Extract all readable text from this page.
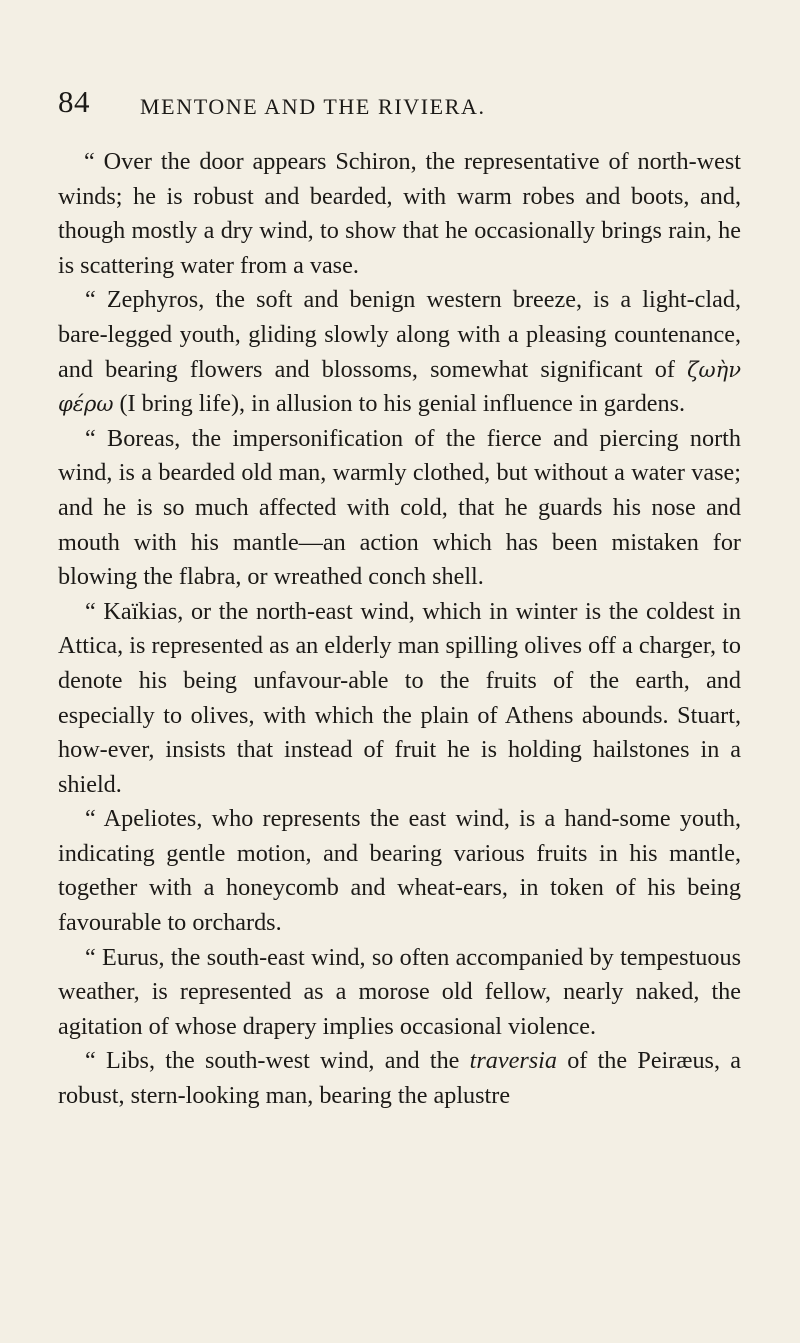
84 MENTONE AND THE RIVIERA.

“ Over the door appears Schiron, the representative of north-west winds; he is robust and bearded, with warm robes and boots, and, though mostly a dry wind, to show that he occasionally brings rain, he is scattering water from a vase.

“ Zephyros, the soft and benign western breeze, is a light-clad, bare-legged youth, gliding slowly along with a pleasing countenance, and bearing flowers and blossoms, somewhat significant of ζωὴν φέρω (I bring life), in allusion to his genial influence in gardens.

“ Boreas, the impersonification of the fierce and piercing north wind, is a bearded old man, warmly clothed, but without a water vase; and he is so much affected with cold, that he guards his nose and mouth with his mantle—an action which has been mistaken for blowing the flabra, or wreathed conch shell.

“ Kaïkias, or the north-east wind, which in winter is the coldest in Attica, is represented as an elderly man spilling olives off a charger, to denote his being unfavour-able to the fruits of the earth, and especially to olives, with which the plain of Athens abounds. Stuart, how-ever, insists that instead of fruit he is holding hailstones in a shield.

“ Apeliotes, who represents the east wind, is a hand-some youth, indicating gentle motion, and bearing various fruits in his mantle, together with a honeycomb and wheat-ears, in token of his being favourable to orchards.

“ Eurus, the south-east wind, so often accompanied by tempestuous weather, is represented as a morose old fellow, nearly naked, the agitation of whose drapery implies occasional violence.

“ Libs, the south-west wind, and the traversia of the Peiræus, a robust, stern-looking man, bearing the aplustre
